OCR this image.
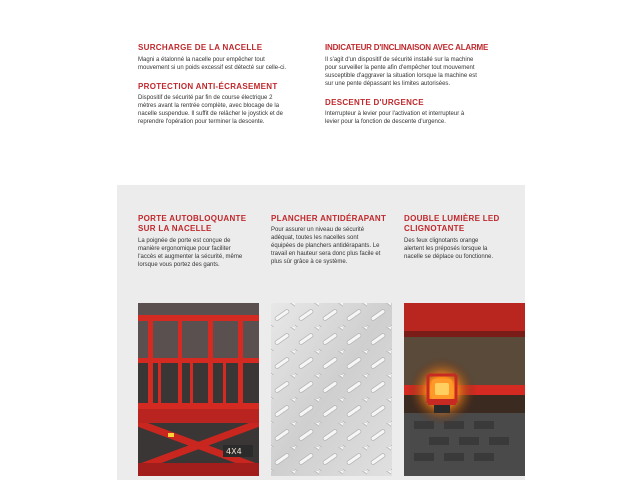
SURCHARGE DE LA NACELLE
Magni a étalonné la nacelle pour empêcher tout
mouvement si un poids excessif est détecté sur celle-ci.
PROTECTION ANTI-ÉCRASEMENT
Dispositif de sécurité par fin de course électrique 2
mètres avant la rentrée complète, avec blocage de la
nacelle suspendue. Il suffit de relâcher le joystick et de
reprendre l'opération pour terminer la descente.
INDICATEUR D'INCLINAISON AVEC ALARME
Il s'agit d'un dispositif de sécurité installé sur la machine
pour surveiller la pente afin d'empêcher tout mouvement
susceptible d'aggraver la situation lorsque la machine est
sur une pente dépassant les limites autorisées.
DESCENTE D'URGENCE
Interrupteur à levier pour l'activation et interrupteur à
levier pour la fonction de descente d'urgence.
PORTE AUTOBLOQUANTE
SUR LA NACELLE
La poignée de porte est conçue de
manière ergonomique pour faciliter
l'accès et augmenter la sécurité, même
lorsque vous portez des gants.
PLANCHER ANTIDÉRAPANT
Pour assurer un niveau de sécurité
adéquat, toutes les nacelles sont
équipées de planchers antidérapants. Le
travail en hauteur sera donc plus facile et
plus sûr grâce à ce système.
DOUBLE LUMIÈRE LED
CLIGNOTANTE
Des feux clignotants orange
alertent les préposés lorsque la
nacelle se déplace ou fonctionne.
4X4
